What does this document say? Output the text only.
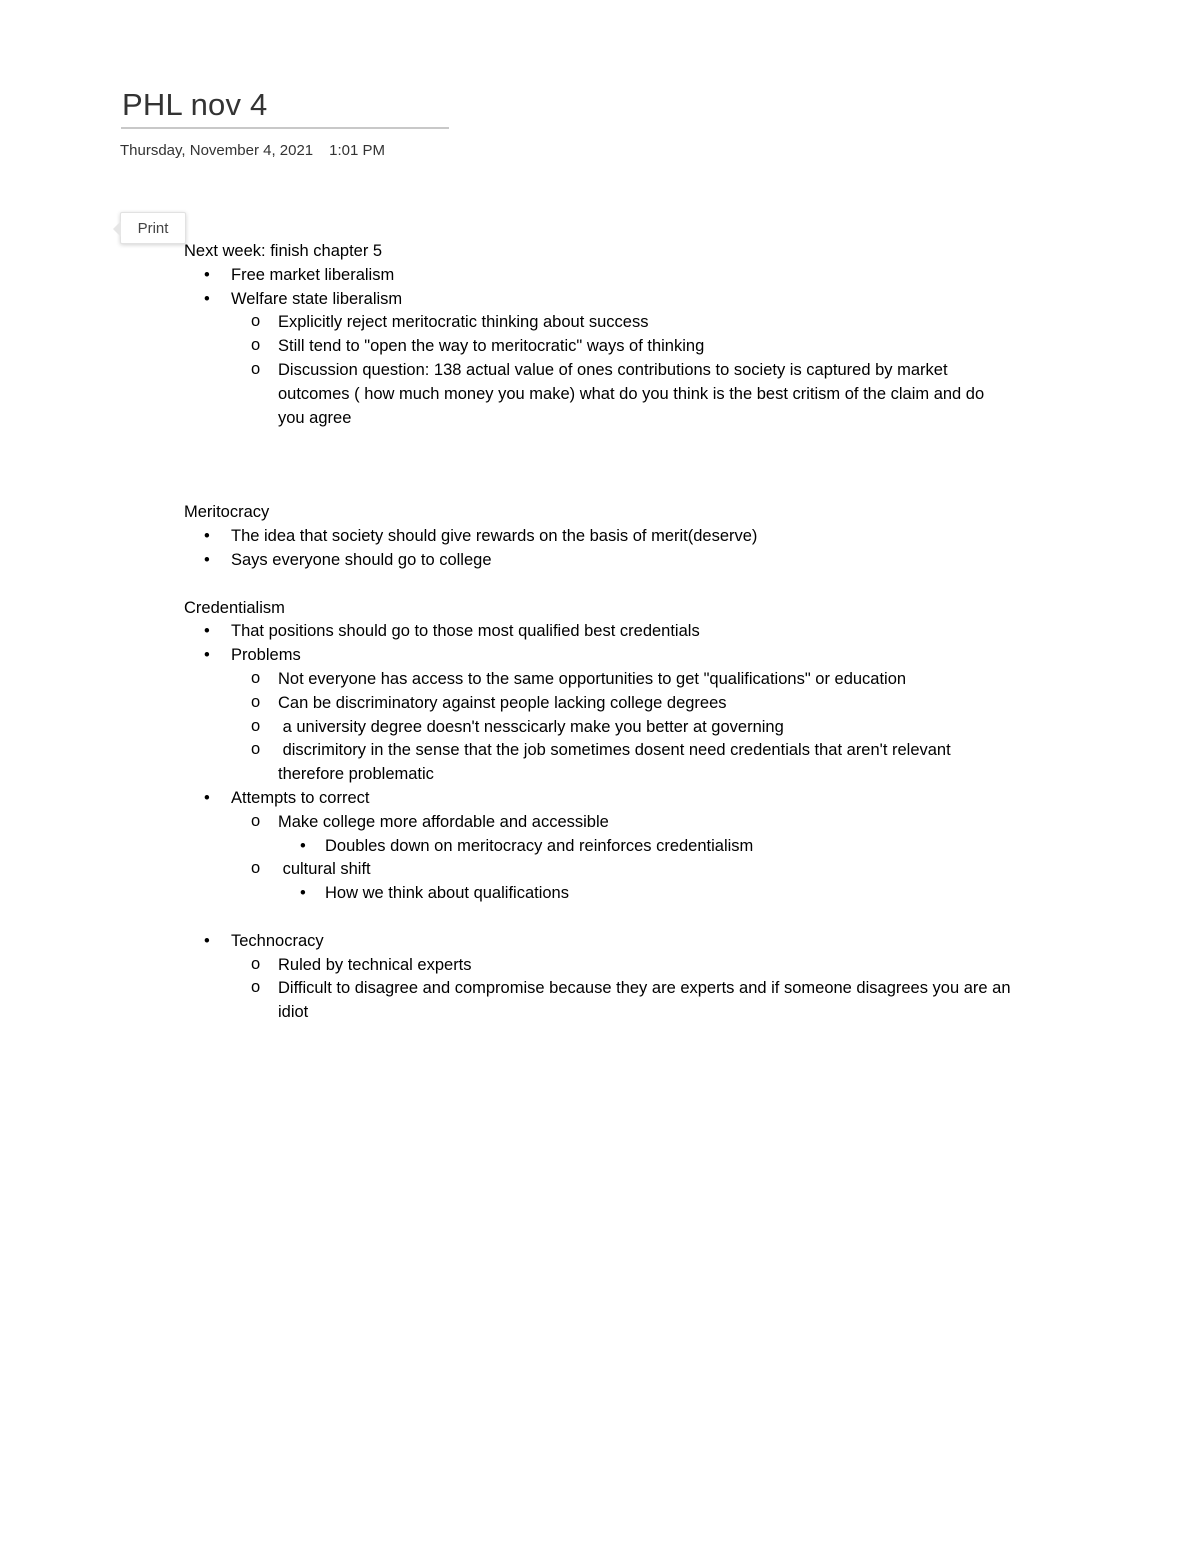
PHL nov 4
Thursday, November 4, 2021 1:01 PM
Print
Next week: finish chapter 5
• Free market liberalism
• Welfare state liberalism
o Explicitly reject meritocratic thinking about success
o Still tend to "open the way to meritocratic" ways of thinking
o Discussion question: 138 actual value of ones contributions to society is captured by market outcomes ( how much money you make) what do you think is the best critism of the claim and do you agree
Meritocracy
• The idea that society should give rewards on the basis of merit(deserve)
• Says everyone should go to college
Credentialism
• That positions should go to those most qualified best credentials
• Problems
o Not everyone has access to the same opportunities to get "qualifications" or education
o Can be discriminatory against people lacking college degrees
o  a university degree doesn't nesscicarly make you better at governing
o  discrimitory in the sense that the job sometimes dosent need credentials that aren't relevant therefore problematic
• Attempts to correct
o Make college more affordable and accessible
• Doubles down on meritocracy and reinforces credentialism
o  cultural shift
• How we think about qualifications
• Technocracy
o Ruled by technical experts
o Difficult to disagree and compromise because they are experts and if someone disagrees you are an idiot
